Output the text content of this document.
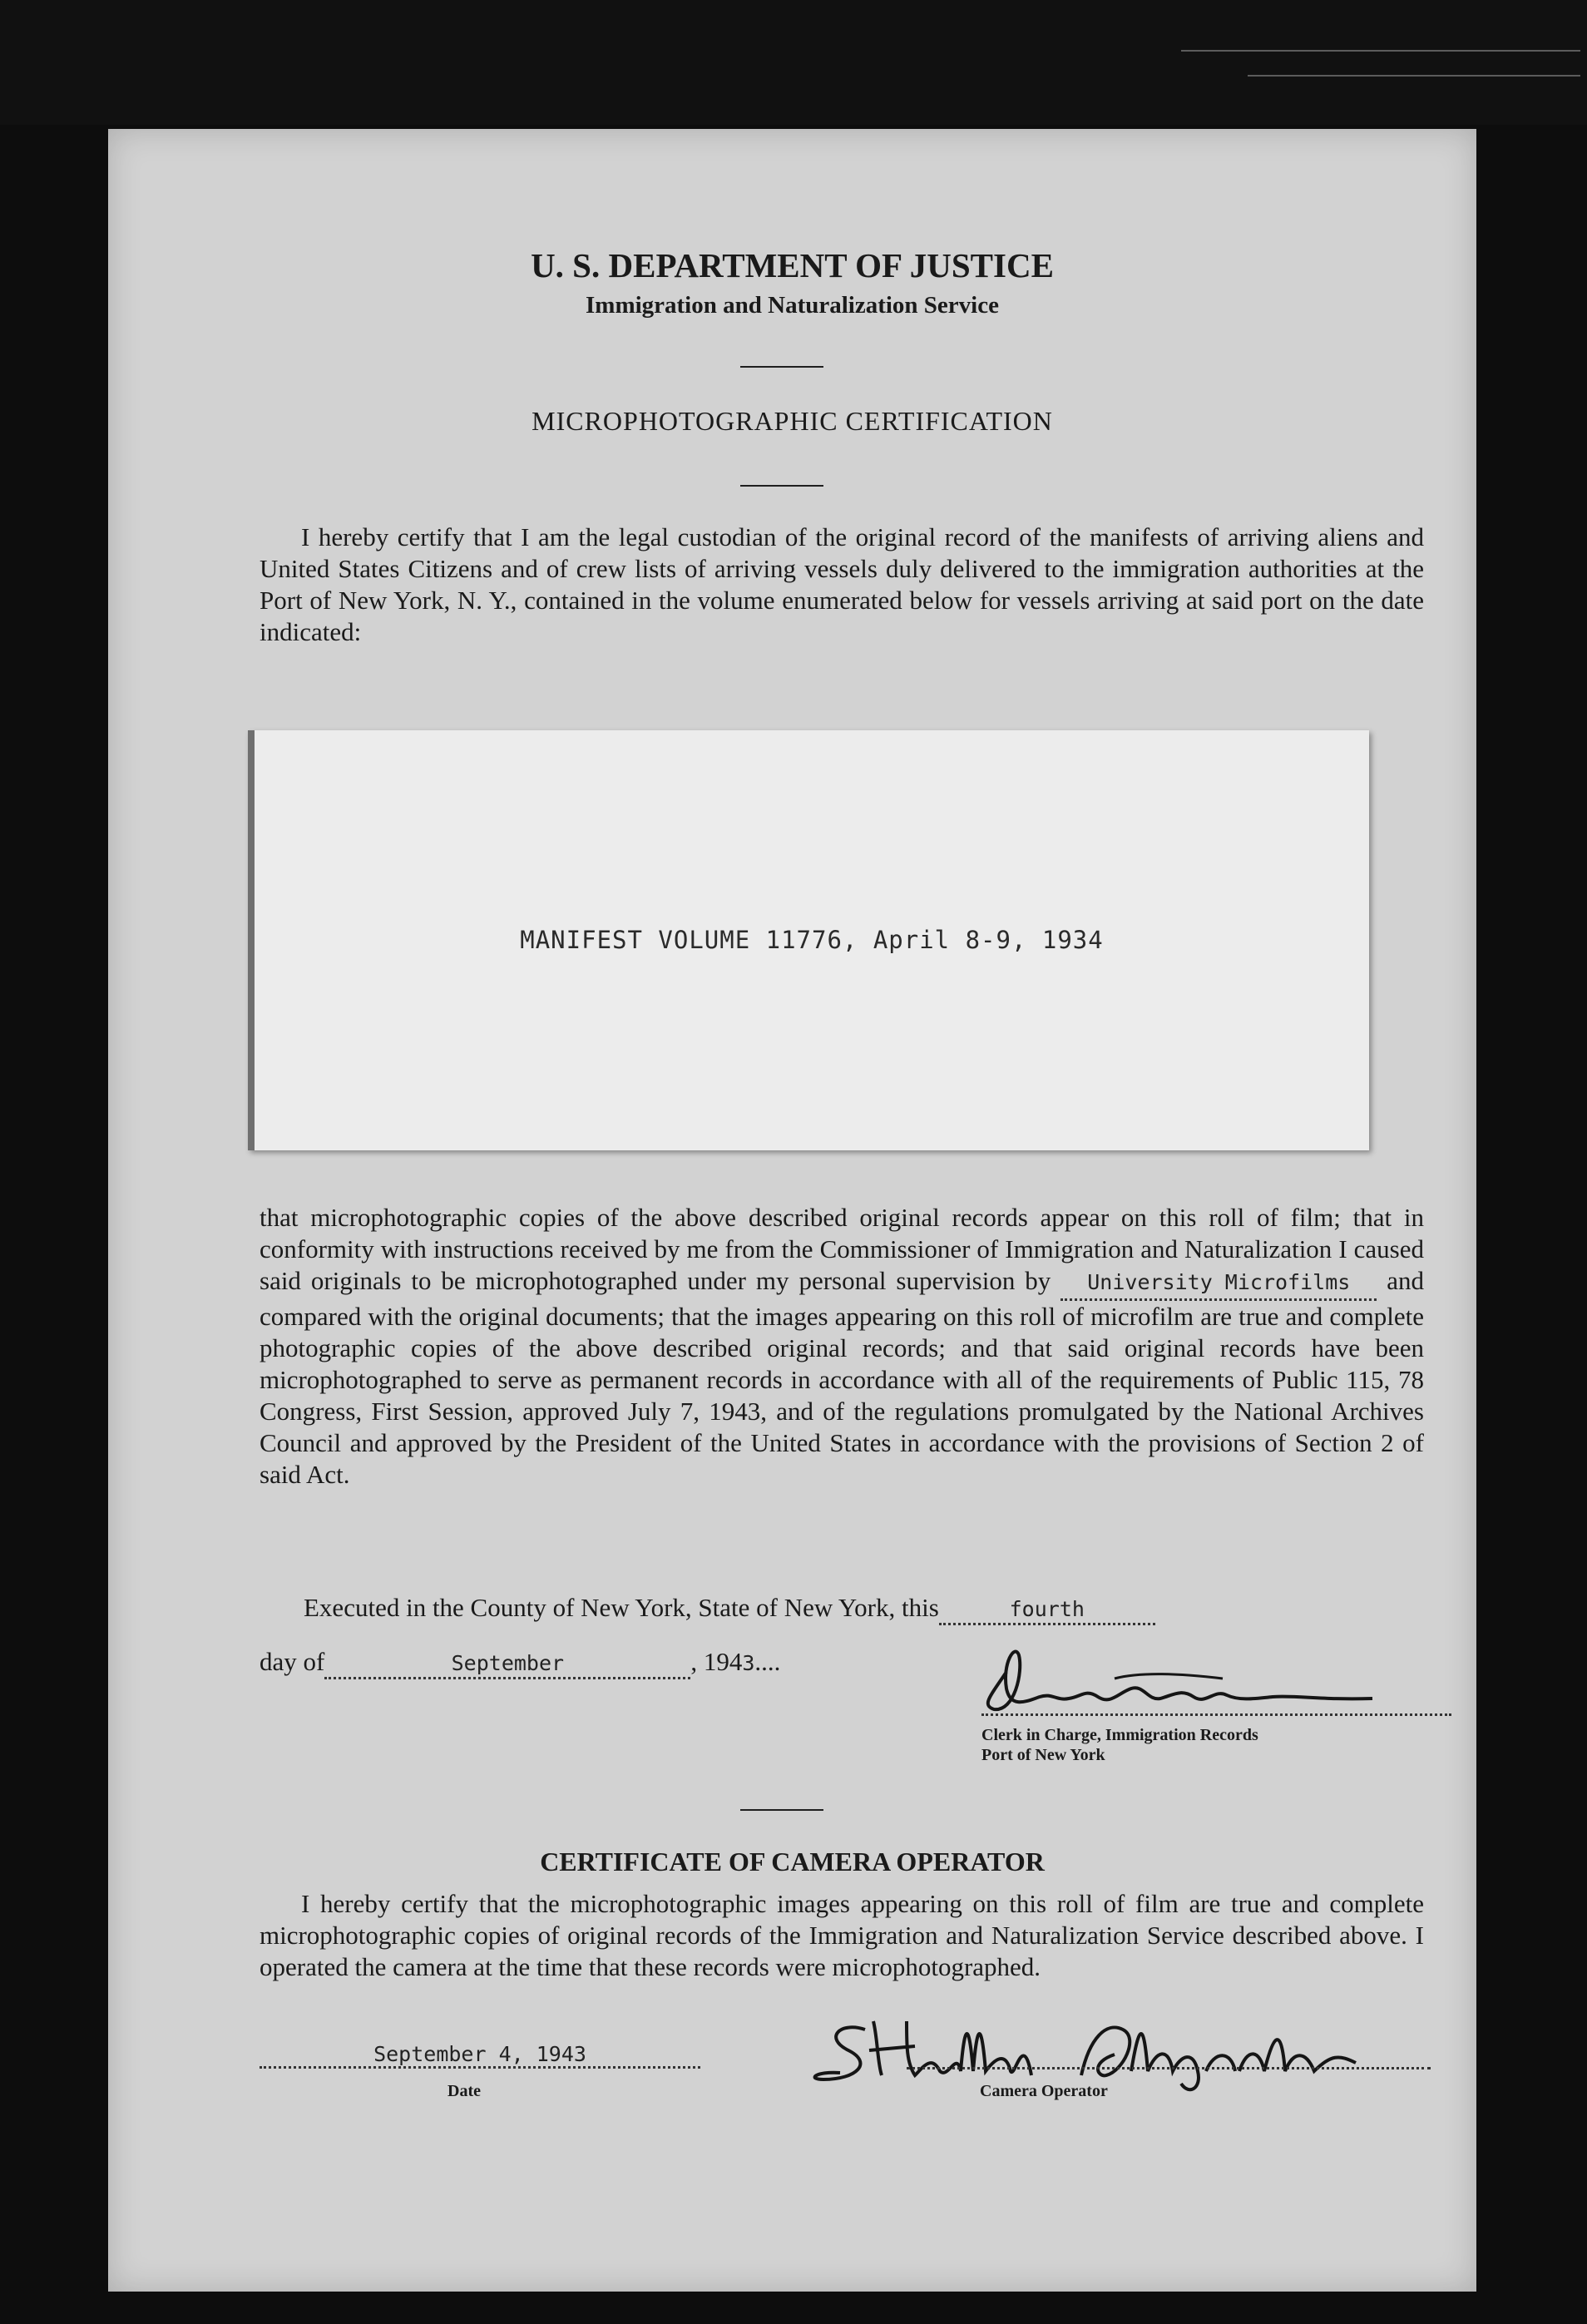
U. S. DEPARTMENT OF JUSTICE
Immigration and Naturalization Service
MICROPHOTOGRAPHIC CERTIFICATION
I hereby certify that I am the legal custodian of the original record of the manifests of arriving aliens and United States Citizens and of crew lists of arriving vessels duly delivered to the immigration authorities at the Port of New York, N. Y., contained in the volume enumerated below for vessels arriving at said port on the date indicated:
MANIFEST VOLUME 11776, April 8-9, 1934
that microphotographic copies of the above described original records appear on this roll of film; that in conformity with instructions received by me from the Commissioner of Immigration and Naturalization I caused said originals to be microphotographed under my personal supervision by University Microfilms and compared with the original documents; that the images appearing on this roll of microfilm are true and complete photographic copies of the above described original records; and that said original records have been microphotographed to serve as permanent records in accordance with all of the requirements of Public 115, 78 Congress, First Session, approved July 7, 1943, and of the regulations promulgated by the National Archives Council and approved by the President of the United States in accordance with the provisions of Section 2 of said Act.
Executed in the County of New York, State of New York, this	fourth
day of	September	, 1943....
Clerk in Charge, Immigration Records
Port of New York
CERTIFICATE OF CAMERA OPERATOR
I hereby certify that the microphotographic images appearing on this roll of film are true and complete microphotographic copies of original records of the Immigration and Naturalization Service described above. I operated the camera at the time that these records were microphotographed.
September 4, 1943
Date	Camera Operator
